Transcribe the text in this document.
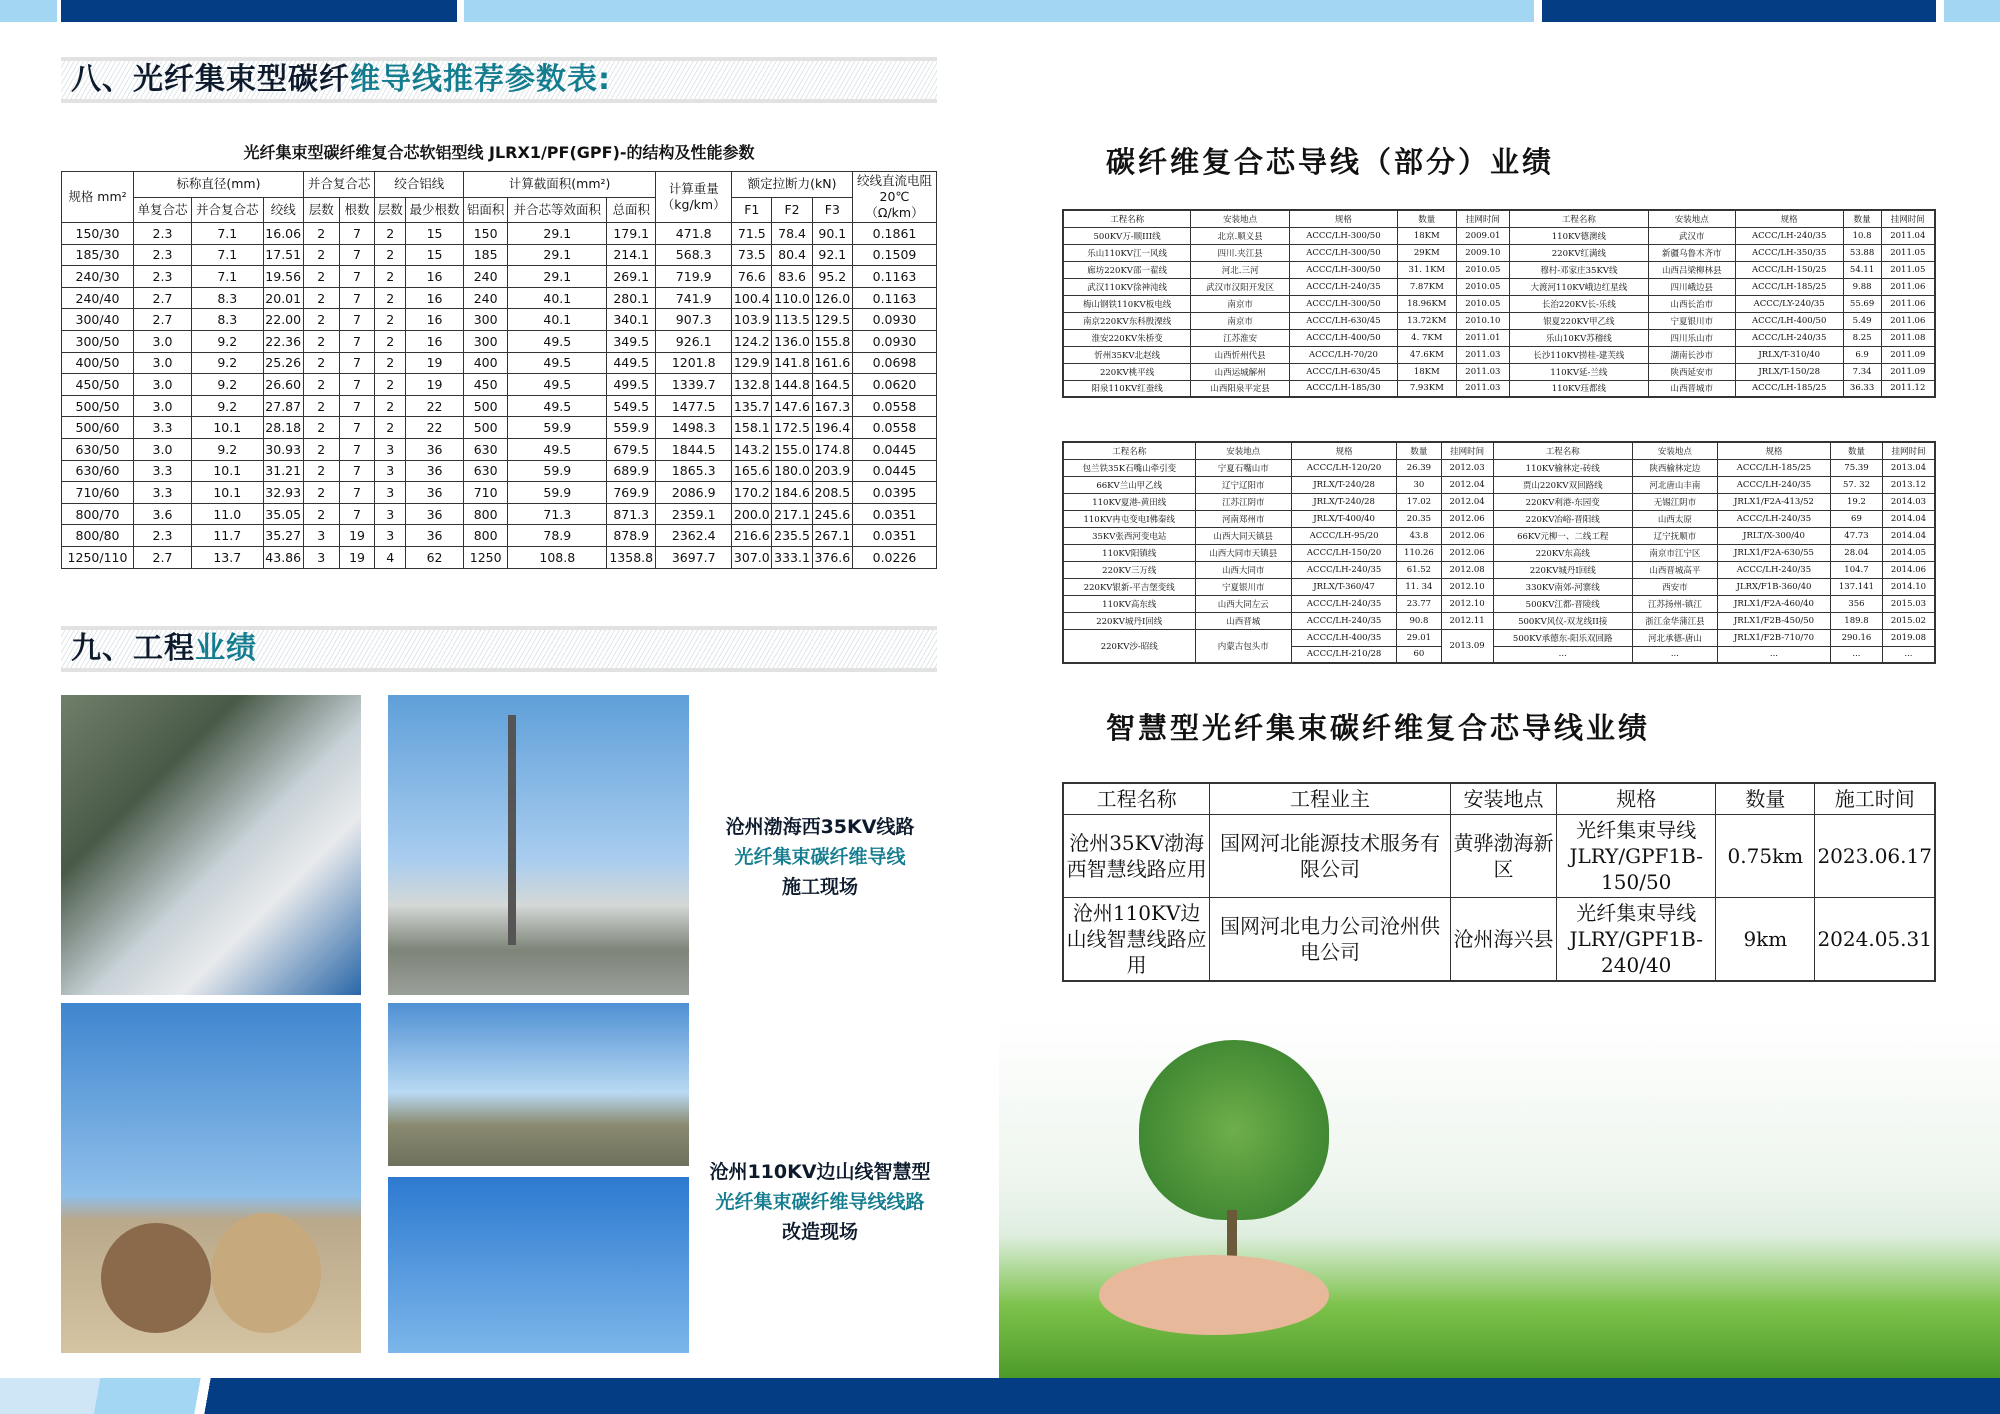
八、光纤集束型碳纤维导线推荐参数表:
光纤集束型碳纤维复合芯软铝型线 JLRX1/PF(GPF)-的结构及性能参数
规格 mm²	标称直径(mm)			并合复合芯		绞合铝线		计算截面积(mm²)			计算重量（kg/km）	额定拉断力(kN)			绞线直流电阻 20℃（Ω/km）
	单复合芯	并合复合芯	绞线	层数	根数	层数	最少根数	铝面积	并合芯等效面积	总面积		F1	F2	F3	
150/30	2.3	7.1	16.06	2	7	2	15	150	29.1	179.1	471.8	71.5	78.4	90.1	0.1861
185/30	2.3	7.1	17.51	2	7	2	15	185	29.1	214.1	568.3	73.5	80.4	92.1	0.1509
240/30	2.3	7.1	19.56	2	7	2	16	240	29.1	269.1	719.9	76.6	83.6	95.2	0.1163
240/40	2.7	8.3	20.01	2	7	2	16	240	40.1	280.1	741.9	100.4	110.0	126.0	0.1163
300/40	2.7	8.3	22.00	2	7	2	16	300	40.1	340.1	907.3	103.9	113.5	129.5	0.0930
300/50	3.0	9.2	22.36	2	7	2	16	300	49.5	349.5	926.1	124.2	136.0	155.8	0.0930
400/50	3.0	9.2	25.26	2	7	2	19	400	49.5	449.5	1201.8	129.9	141.8	161.6	0.0698
450/50	3.0	9.2	26.60	2	7	2	19	450	49.5	499.5	1339.7	132.8	144.8	164.5	0.0620
500/50	3.0	9.2	27.87	2	7	2	22	500	49.5	549.5	1477.5	135.7	147.6	167.3	0.0558
500/60	3.3	10.1	28.18	2	7	2	22	500	59.9	559.9	1498.3	158.1	172.5	196.4	0.0558
630/50	3.0	9.2	30.93	2	7	3	36	630	49.5	679.5	1844.5	143.2	155.0	174.8	0.0445
630/60	3.3	10.1	31.21	2	7	3	36	630	59.9	689.9	1865.3	165.6	180.0	203.9	0.0445
710/60	3.3	10.1	32.93	2	7	3	36	710	59.9	769.9	2086.9	170.2	184.6	208.5	0.0395
800/70	3.6	11.0	35.05	2	7	3	36	800	71.3	871.3	2359.1	200.0	217.1	245.6	0.0351
800/80	2.3	11.7	35.27	3	19	3	36	800	78.9	878.9	2362.4	216.6	235.5	267.1	0.0351
1250/110	2.7	13.7	43.86	3	19	4	62	1250	108.8	1358.8	3697.7	307.0	333.1	376.6	0.0226
九、工程业绩
沧州渤海西35KV线路
光纤集束碳纤维导线
施工现场
沧州110KV边山线智慧型
光纤集束碳纤维导线线路
改造现场
碳纤维复合芯导线（部分）业绩
工程名称	安装地点	规格	数量	挂网时间	工程名称	安装地点	规格	数量	挂网时间
500KV万-顺III线	北京.顺义县	ACCC/LH-300/50	18KM	2009.01	110KV德澳线	武汉市	ACCC/LH-240/35	10.8	2011.04
乐山110KV江一风线	四川.夹江县	ACCC/LH-300/50	29KM	2009.10	220KV红满线	新疆乌鲁木齐市	ACCC/LH-350/35	53.88	2011.05
廊坊220KV邵一翟线	河北.三河	ACCC/LH-300/50	31. 1KM	2010.05	穆村-邓家庄35KV线	山西吕梁柳林县	ACCC/LH-150/25	54.11	2011.05
武汉110KV徐神沌线	武汉市汉阳开发区	ACCC/LH-240/35	7.87KM	2010.05	大渡河110KV峨边红星线	四川峨边县	ACCC/LH-185/25	9.88	2011.06
梅山钢铁110KV板电线	南京市	ACCC/LH-300/50	18.96KM	2010.05	长治220KV长-乐线	山西长治市	ACCC/LY-240/35	55.69	2011.06
南京220KV东科殷溧线	南京市	ACCC/LH-630/45	13.72KM	2010.10	银夏220KV甲乙线	宁夏银川市	ACCC/LH-400/50	5.49	2011.06
淮安220KV朱桥变	江苏淮安	ACCC/LH-400/50	4. 7KM	2011.01	乐山10KV苏稽线	四川乐山市	ACCC/LH-240/35	8.25	2011.08
忻州35KV北赵线	山西忻州代县	ACCC/LH-70/20	47.6KM	2011.03	长沙110KV捞桂-建芙线	湖南长沙市	JRLX/T-310/40	6.9	2011.09
220KV桃平线	山西运城解州	ACCC/LH-630/45	18KM	2011.03	110KV延-兰线	陕西延安市	JRLX/T-150/28	7.34	2011.09
阳泉110KV红蚕线	山西阳泉平定县	ACCC/LH-185/30	7.93KM	2011.03	110KV珏都线	山西晋城市	ACCC/LH-185/25	36.33	2011.12
工程名称	安装地点	规格	数量	挂网时间	工程名称	安装地点	规格	数量	挂网时间
包兰铁35K石嘴山牵引变	宁夏石嘴山市	ACCC/LH-120/20	26.39	2012.03	110KV榆林定-砖线	陕西榆林定边	ACCC/LH-185/25	75.39	2013.04
66KV兰山甲乙线	辽宁辽阳市	JRLX/T-240/28	30	2012.04	贾山220KV双回路线	河北唐山丰南	ACCC/LH-240/35	57. 32	2013.12
110KV夏港-黄田线	江苏江阴市	JRLX/T-240/28	17.02	2012.04	220KV利港-东园变	无锡江阴市	JRLX1/F2A-413/52	19.2	2014.03
110KV冉屯变电I佛秦线	河南郑州市	JRLX/T-400/40	20.35	2012.06	220KV冶峪-晋阳线	山西太原	ACCC/LH-240/35	69	2014.04
35KV张西河变电站	山西大同天镇县	ACCC/LH-95/20	43.8	2012.06	66KV元柳一、二线工程	辽宁抚顺市	JRLT/X-300/40	47.73	2014.04
110KV阳镇线	山西大同市天镇县	ACCC/LH-150/20	110.26	2012.06	220KV东高线	南京市江宁区	JRLX1/F2A-630/55	28.04	2014.05
220KV三万线	山西大同市	ACCC/LH-240/35	61.52	2012.08	220KV城丹I回线	山西晋城高平	ACCC/LH-240/35	104.7	2014.06
220KV银新-平吉堡变线	宁夏银川市	JRLX/T-360/47	11. 34	2012.10	330KV南郊-河寨线	西安市	JLRX/F1B-360/40	137.141	2014.10
110KV高东线	山西大同左云	ACCC/LH-240/35	23.77	2012.10	500KV江都-晋陵线	江苏扬州-镇江	JRLX1/F2A-460/40	356	2015.03
220KV城丹I回线	山西晋城	ACCC/LH-240/35	90.8	2012.11	500KV风仪-双龙线II接	浙江金华蒲江县	JRLX1/F2B-450/50	189.8	2015.02
220KV沙-昭线	内蒙古包头市	ACCC/LH-400/35	29.01	2013.09	500KV承德东-阳乐双回路	河北承德-唐山	JRLX1/F2B-710/70	290.16	2019.08
		ACCC/LH-210/28	60		...	...	...	...	...
智慧型光纤集束碳纤维复合芯导线业绩
工程名称	工程业主	安装地点	规格	数量	施工时间
沧州35KV渤海西智慧线路应用	国网河北能源技术服务有限公司	黄骅渤海新区	光纤集束导线JLRY/GPF1B-150/50	0.75km	2023.06.17
沧州110KV边山线智慧线路应用	国网河北电力公司沧州供电公司	沧州海兴县	光纤集束导线JLRY/GPF1B-240/40	9km	2024.05.31
